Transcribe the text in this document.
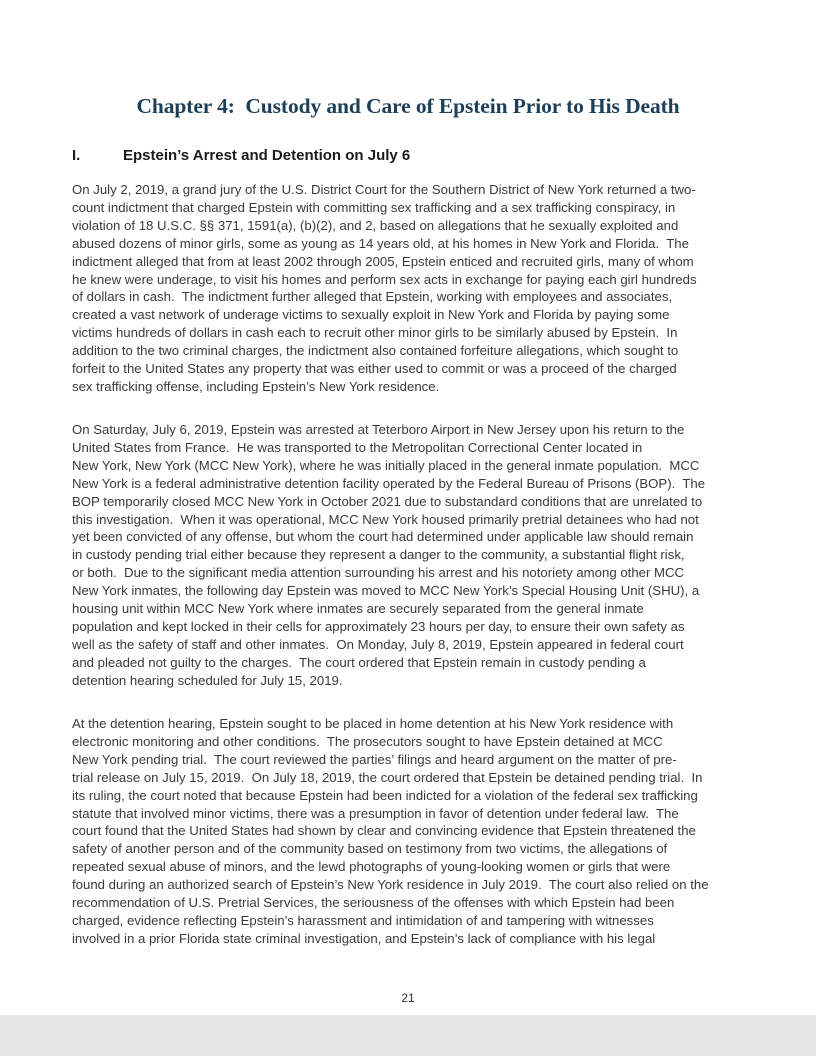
Chapter 4:  Custody and Care of Epstein Prior to His Death
I.	Epstein’s Arrest and Detention on July 6
On July 2, 2019, a grand jury of the U.S. District Court for the Southern District of New York returned a two-
count indictment that charged Epstein with committing sex trafficking and a sex trafficking conspiracy, in
violation of 18 U.S.C. §§ 371, 1591(a), (b)(2), and 2, based on allegations that he sexually exploited and
abused dozens of minor girls, some as young as 14 years old, at his homes in New York and Florida.  The
indictment alleged that from at least 2002 through 2005, Epstein enticed and recruited girls, many of whom
he knew were underage, to visit his homes and perform sex acts in exchange for paying each girl hundreds
of dollars in cash.  The indictment further alleged that Epstein, working with employees and associates,
created a vast network of underage victims to sexually exploit in New York and Florida by paying some
victims hundreds of dollars in cash each to recruit other minor girls to be similarly abused by Epstein.  In
addition to the two criminal charges, the indictment also contained forfeiture allegations, which sought to
forfeit to the United States any property that was either used to commit or was a proceed of the charged
sex trafficking offense, including Epstein’s New York residence.
On Saturday, July 6, 2019, Epstein was arrested at Teterboro Airport in New Jersey upon his return to the
United States from France.  He was transported to the Metropolitan Correctional Center located in
New York, New York (MCC New York), where he was initially placed in the general inmate population.  MCC
New York is a federal administrative detention facility operated by the Federal Bureau of Prisons (BOP).  The
BOP temporarily closed MCC New York in October 2021 due to substandard conditions that are unrelated to
this investigation.  When it was operational, MCC New York housed primarily pretrial detainees who had not
yet been convicted of any offense, but whom the court had determined under applicable law should remain
in custody pending trial either because they represent a danger to the community, a substantial flight risk,
or both.  Due to the significant media attention surrounding his arrest and his notoriety among other MCC
New York inmates, the following day Epstein was moved to MCC New York’s Special Housing Unit (SHU), a
housing unit within MCC New York where inmates are securely separated from the general inmate
population and kept locked in their cells for approximately 23 hours per day, to ensure their own safety as
well as the safety of staff and other inmates.  On Monday, July 8, 2019, Epstein appeared in federal court
and pleaded not guilty to the charges.  The court ordered that Epstein remain in custody pending a
detention hearing scheduled for July 15, 2019.
At the detention hearing, Epstein sought to be placed in home detention at his New York residence with
electronic monitoring and other conditions.  The prosecutors sought to have Epstein detained at MCC
New York pending trial.  The court reviewed the parties’ filings and heard argument on the matter of pre-
trial release on July 15, 2019.  On July 18, 2019, the court ordered that Epstein be detained pending trial.  In
its ruling, the court noted that because Epstein had been indicted for a violation of the federal sex trafficking
statute that involved minor victims, there was a presumption in favor of detention under federal law.  The
court found that the United States had shown by clear and convincing evidence that Epstein threatened the
safety of another person and of the community based on testimony from two victims, the allegations of
repeated sexual abuse of minors, and the lewd photographs of young-looking women or girls that were
found during an authorized search of Epstein’s New York residence in July 2019.  The court also relied on the
recommendation of U.S. Pretrial Services, the seriousness of the offenses with which Epstein had been
charged, evidence reflecting Epstein’s harassment and intimidation of and tampering with witnesses
involved in a prior Florida state criminal investigation, and Epstein’s lack of compliance with his legal
21
